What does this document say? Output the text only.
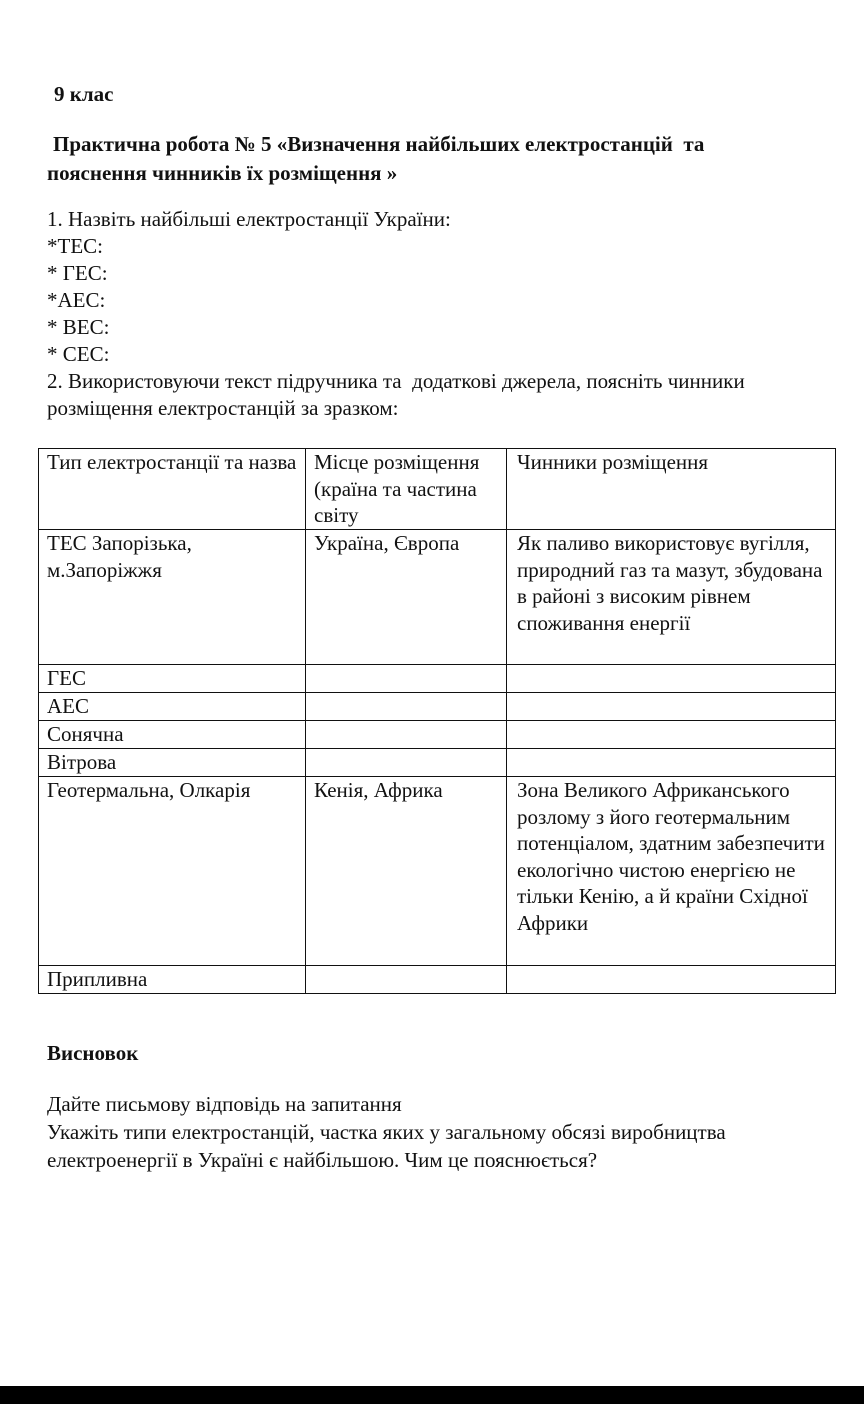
9 клас

Практична робота № 5 «Визначення найбільших електростанцій  та
пояснення чинників їх розміщення »
1. Назвіть найбільші електростанції України:
*ТЕС:
* ГЕС:
*АЕС:
* ВЕС:
* СЕС:
2. Використовуючи текст підручника та  додаткові джерела, поясніть чинники
розміщення електростанцій за зразком:
Тип електростанції та назва	Місце розміщення (країна та частина світу	Чинники розміщення
ТЕС Запорізька, м.Запоріжжя	Україна, Європа	Як паливо використовує вугілля, природний газ та мазут, збудована в районі з високим рівнем споживання енергії
ГЕС		
АЕС		
Сонячна		
Вітрова		
Геотермальна, Олкарія	Кенія, Африка	Зона Великого Африканського розлому з його геотермальним потенціалом, здатним забезпечити екологічно чистою енергією не тільки Кенію, а й країни Східної Африки
Припливна		

Висновок

Дайте письмову відповідь на запитання
Укажіть типи електростанцій, частка яких у загальному обсязі виробництва
електроенергії в Україні є найбільшою. Чим це пояснюється?
